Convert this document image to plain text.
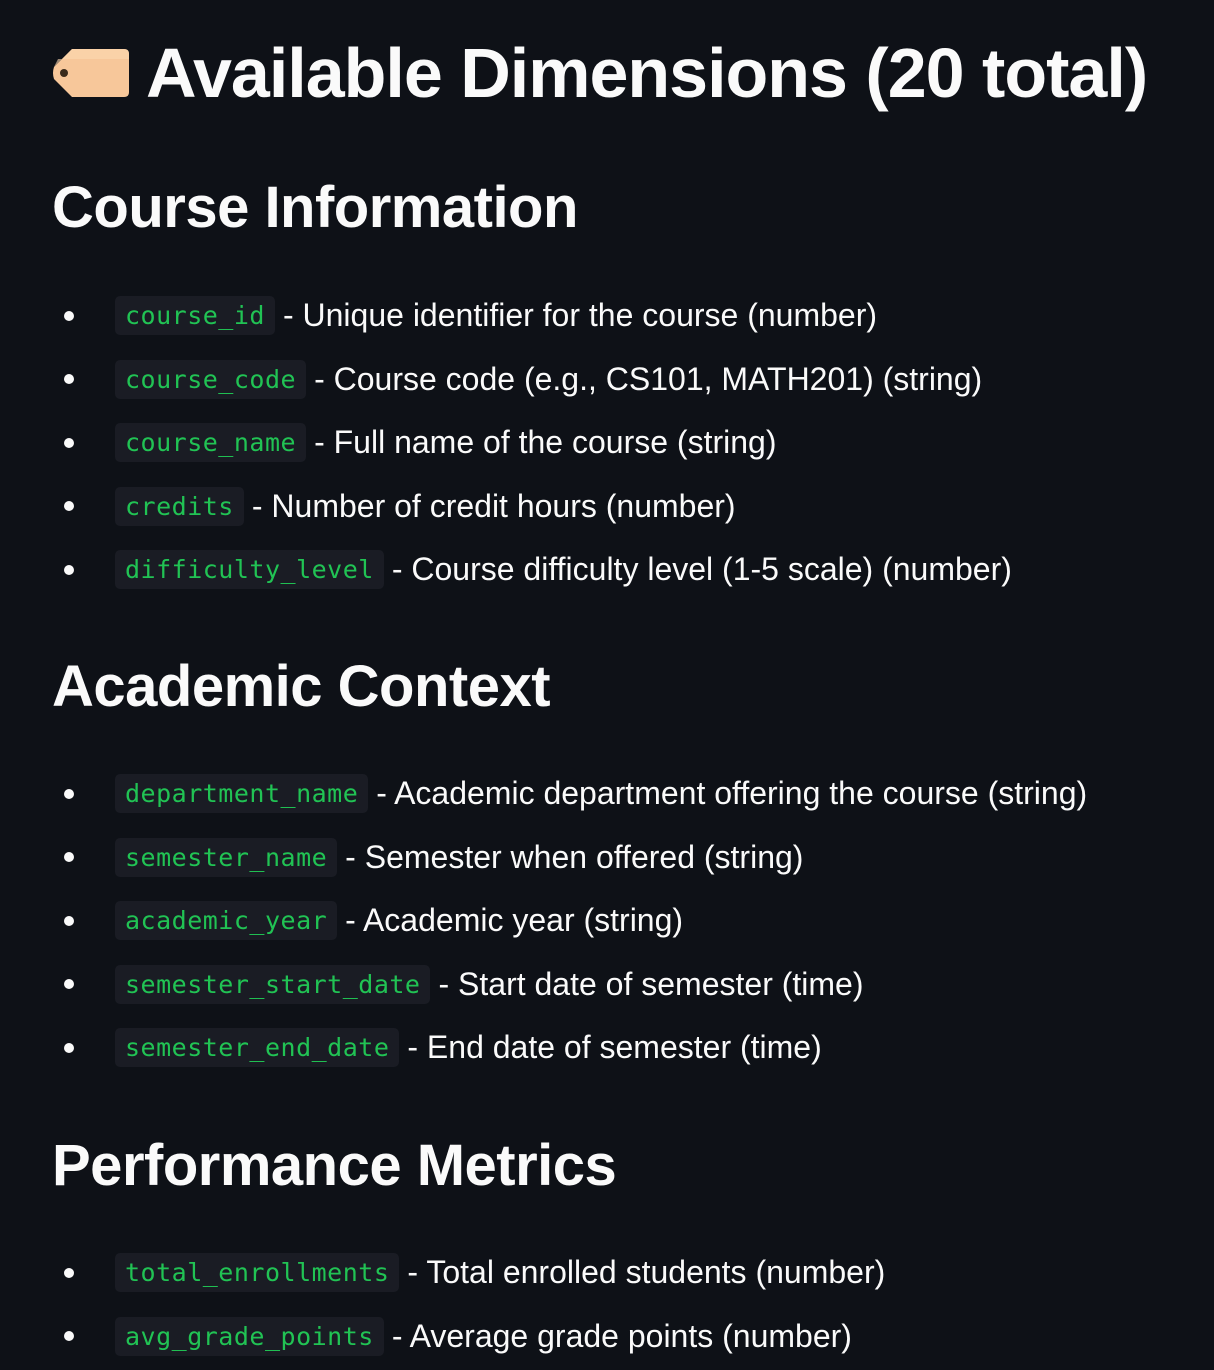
Available Dimensions (20 total)
Course Information
course_id - Unique identifier for the course (number)
course_code - Course code (e.g., CS101, MATH201) (string)
course_name - Full name of the course (string)
credits - Number of credit hours (number)
difficulty_level - Course difficulty level (1-5 scale) (number)
Academic Context
department_name - Academic department offering the course (string)
semester_name - Semester when offered (string)
academic_year - Academic year (string)
semester_start_date - Start date of semester (time)
semester_end_date - End date of semester (time)
Performance Metrics
total_enrollments - Total enrolled students (number)
avg_grade_points - Average grade points (number)
